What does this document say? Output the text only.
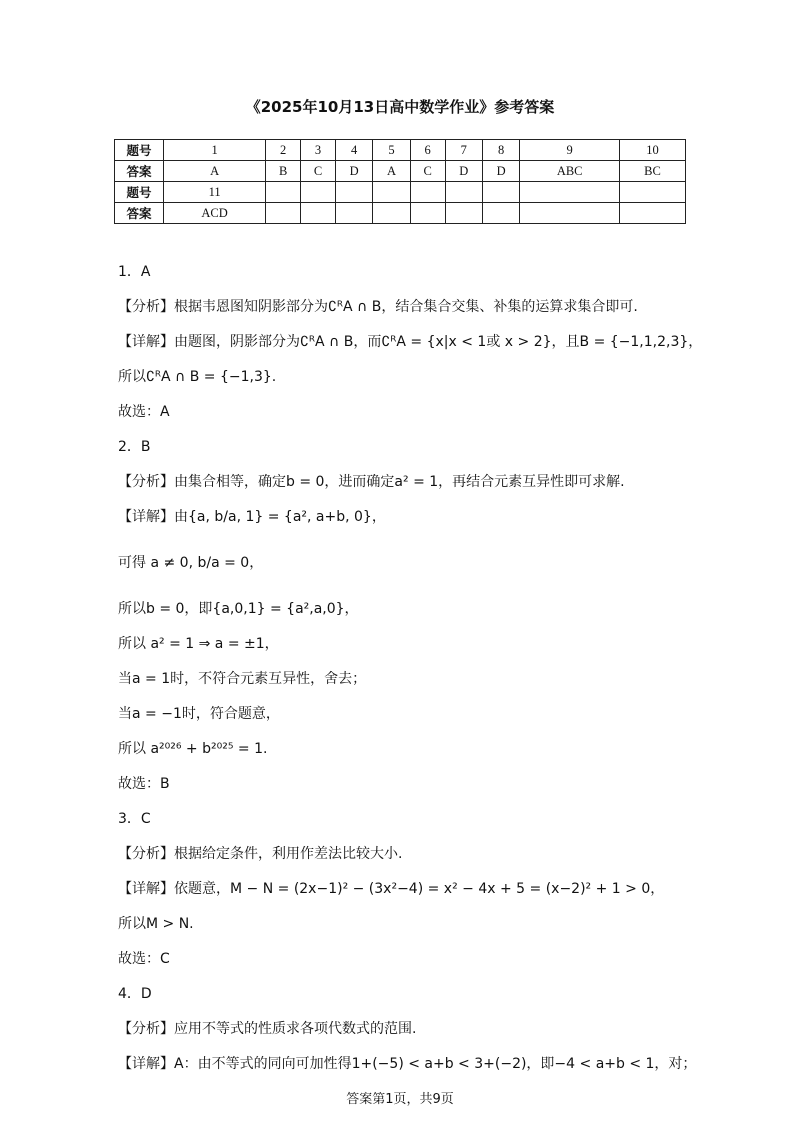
《2025年10月13日高中数学作业》参考答案
题号	1	2	3	4	5	6	7	8	9	10
答案	A	B	C	D	A	C	D	D	ABC	BC
题号	11									
答案	ACD									
1．A
【分析】根据韦恩图知阴影部分为∁ᴿA ∩ B，结合集合交集、补集的运算求集合即可.
【详解】由题图，阴影部分为∁ᴿA ∩ B，而∁ᴿA = {x|x < 1或 x > 2}，且B = {−1,1,2,3}，
所以∁ᴿA ∩ B = {−1,3}.
故选：A
2．B
【分析】由集合相等，确定b = 0，进而确定a² = 1，再结合元素互异性即可求解.
【详解】由{a, b/a, 1} = {a², a+b, 0}，
可得 a ≠ 0, b/a = 0，
所以b = 0，即{a,0,1} = {a²,a,0}，
所以 a² = 1 ⇒ a = ±1，
当a = 1时，不符合元素互异性，舍去；
当a = −1时，符合题意，
所以 a²⁰²⁶ + b²⁰²⁵ = 1.
故选：B
3．C
【分析】根据给定条件，利用作差法比较大小.
【详解】依题意，M − N = (2x−1)² − (3x²−4) = x² − 4x + 5 = (x−2)² + 1 > 0，
所以M > N.
故选：C
4．D
【分析】应用不等式的性质求各项代数式的范围.
【详解】A：由不等式的同向可加性得1+(−5) < a+b < 3+(−2)，即−4 < a+b < 1，对；
答案第1页，共9页
